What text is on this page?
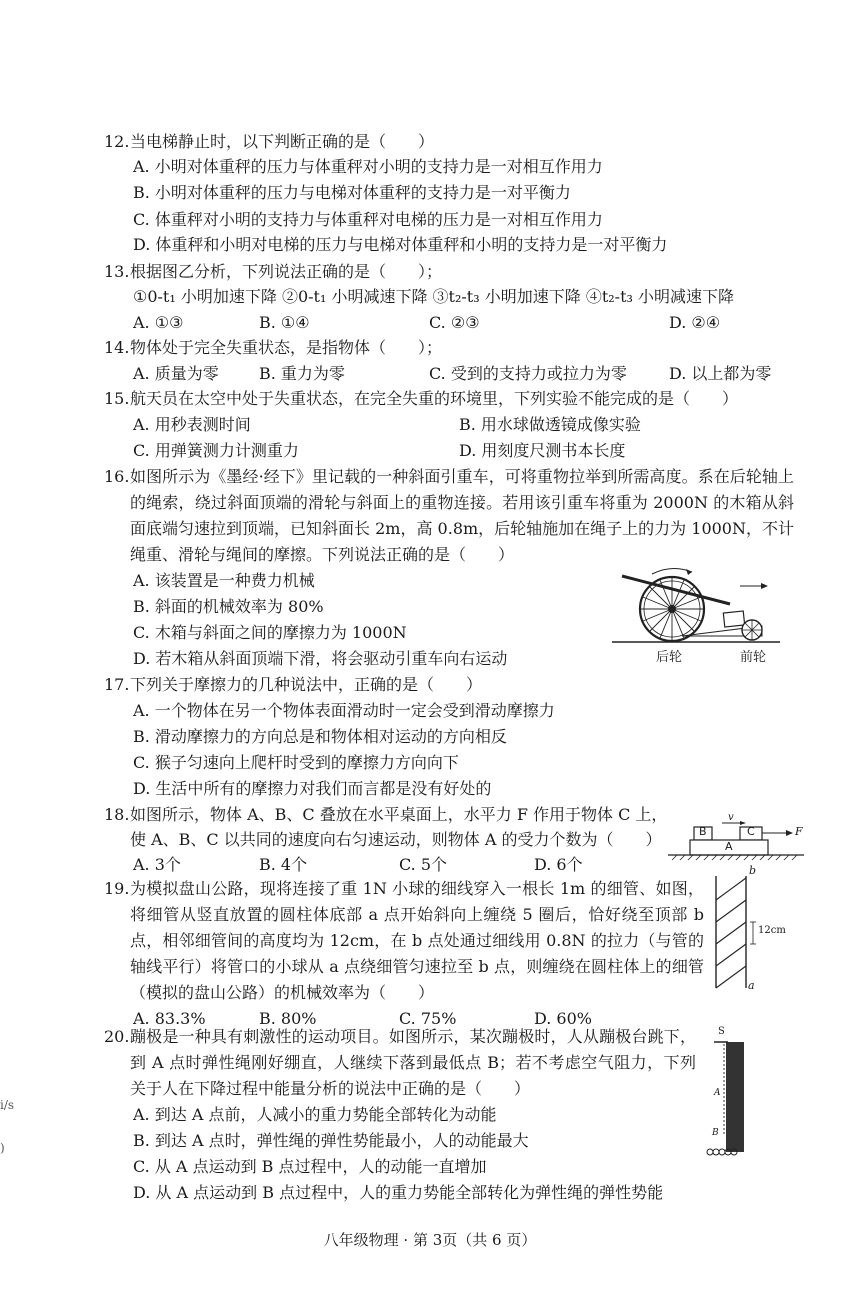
12. 当电梯静止时，以下判断正确的是（　　）
A. 小明对体重秤的压力与体重秤对小明的支持力是一对相互作用力
B. 小明对体重秤的压力与电梯对体重秤的支持力是一对平衡力
C. 体重秤对小明的支持力与体重秤对电梯的压力是一对相互作用力
D. 体重秤和小明对电梯的压力与电梯对体重秤和小明的支持力是一对平衡力
13. 根据图乙分析，下列说法正确的是（　　）；
①0-t₁ 小明加速下降 ②0-t₁ 小明减速下降 ③t₂-t₃ 小明加速下降 ④t₂-t₃ 小明减速下降
A. ①③	B. ①④	C. ②③	D. ②④
14. 物体处于完全失重状态，是指物体（　　）；
A. 质量为零	B. 重力为零	C. 受到的支持力或拉力为零	D. 以上都为零
15. 航天员在太空中处于失重状态，在完全失重的环境里，下列实验不能完成的是（　　）
A. 用秒表测时间	B. 用水球做透镜成像实验
C. 用弹簧测力计测重力	D. 用刻度尺测书本长度
16. 如图所示为《墨经·经下》里记载的一种斜面引重车，可将重物拉举到所需高度。系在后轮轴上的绳索，绕过斜面顶端的滑轮与斜面上的重物连接。若用该引重车将重为 2000N 的木箱从斜面底端匀速拉到顶端，已知斜面长 2m，高 0.8m，后轮轴施加在绳子上的力为 1000N，不计绳重、滑轮与绳间的摩擦。下列说法正确的是（　　）
A. 该装置是一种费力机械
B. 斜面的机械效率为 80%
C. 木箱与斜面之间的摩擦力为 1000N
D. 若木箱从斜面顶端下滑，将会驱动引重车向右运动	后轮	前轮
17. 下列关于摩擦力的几种说法中，正确的是（　　）
A. 一个物体在另一个物体表面滑动时一定会受到滑动摩擦力
B. 滑动摩擦力的方向总是和物体相对运动的方向相反
C. 猴子匀速向上爬杆时受到的摩擦力方向向下
D. 生活中所有的摩擦力对我们而言都是没有好处的
18. 如图所示，物体 A、B、C 叠放在水平桌面上，水平力 F 作用于物体 C 上，使 A、B、C 以共同的速度向右匀速运动，则物体 A 的受力个数为（　　）
A. 3个	B. 4个	C. 5个	D. 6个
v
B	C
A
F
19. 为模拟盘山公路，现将连接了重 1N 小球的细线穿入一根长 1m 的细管、如图，将细管从竖直放置的圆柱体底部 a 点开始斜向上缠绕 5 圈后，恰好绕至顶部 b 点，相邻细管间的高度均为 12cm，在 b 点处通过细线用 0.8N 的拉力（与管的轴线平行）将管口的小球从 a 点绕细管匀速拉至 b 点，则缠绕在圆柱体上的细管（模拟的盘山公路）的机械效率为（　　）
A. 83.3%	B. 80%	C. 75%	D. 60%
b
12cm
a
20. 蹦极是一种具有刺激性的运动项目。如图所示，某次蹦极时，人从蹦极台跳下，到 A 点时弹性绳刚好绷直，人继续下落到最低点 B；若不考虑空气阻力，下列关于人在下降过程中能量分析的说法中正确的是（　　）
A. 到达 A 点前，人减小的重力势能全部转化为动能
B. 到达 A 点时，弹性绳的弹性势能最小，人的动能最大
C. 从 A 点运动到 B 点过程中，人的动能一直增加
D. 从 A 点运动到 B 点过程中，人的重力势能全部转化为弹性绳的弹性势能
S
A
B
i/s
)
八年级物理 · 第 3页（共 6 页）
